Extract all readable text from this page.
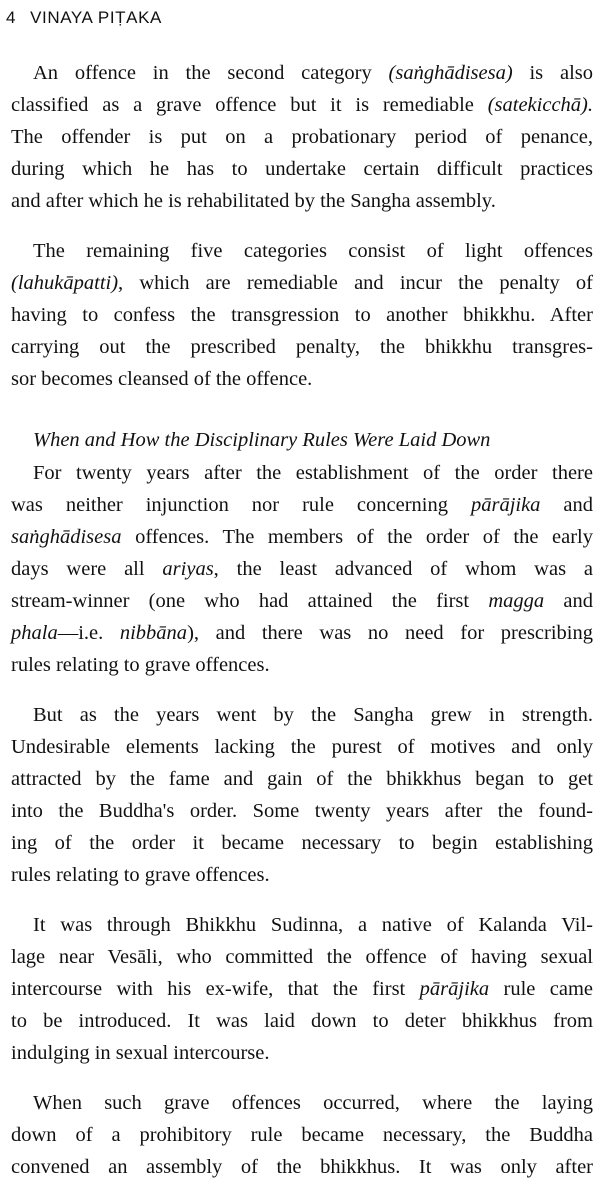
4 VINAYA PIṬAKA
An offence in the second category (saṅghādisesa) is also
classified as a grave offence but it is remediable (satekicchā).
The offender is put on a probationary period of penance,
during which he has to undertake certain difficult practices
and after which he is rehabilitated by the Sangha assembly.
The remaining five categories consist of light offences
(lahukāpatti), which are remediable and incur the penalty of
having to confess the transgression to another bhikkhu. After
carrying out the prescribed penalty, the bhikkhu transgres-
sor becomes cleansed of the offence.
When and How the Disciplinary Rules Were Laid Down
For twenty years after the establishment of the order there
was neither injunction nor rule concerning pārājika and
saṅghādisesa offences. The members of the order of the early
days were all ariyas, the least advanced of whom was a
stream-winner (one who had attained the first magga and
phala—i.e. nibbāna), and there was no need for prescribing
rules relating to grave offences.
But as the years went by the Sangha grew in strength.
Undesirable elements lacking the purest of motives and only
attracted by the fame and gain of the bhikkhus began to get
into the Buddha's order. Some twenty years after the found-
ing of the order it became necessary to begin establishing
rules relating to grave offences.
It was through Bhikkhu Sudinna, a native of Kalanda Vil-
lage near Vesāli, who committed the offence of having sexual
intercourse with his ex-wife, that the first pārājika rule came
to be introduced. It was laid down to deter bhikkhus from
indulging in sexual intercourse.
When such grave offences occurred, where the laying
down of a prohibitory rule became necessary, the Buddha
convened an assembly of the bhikkhus. It was only after
